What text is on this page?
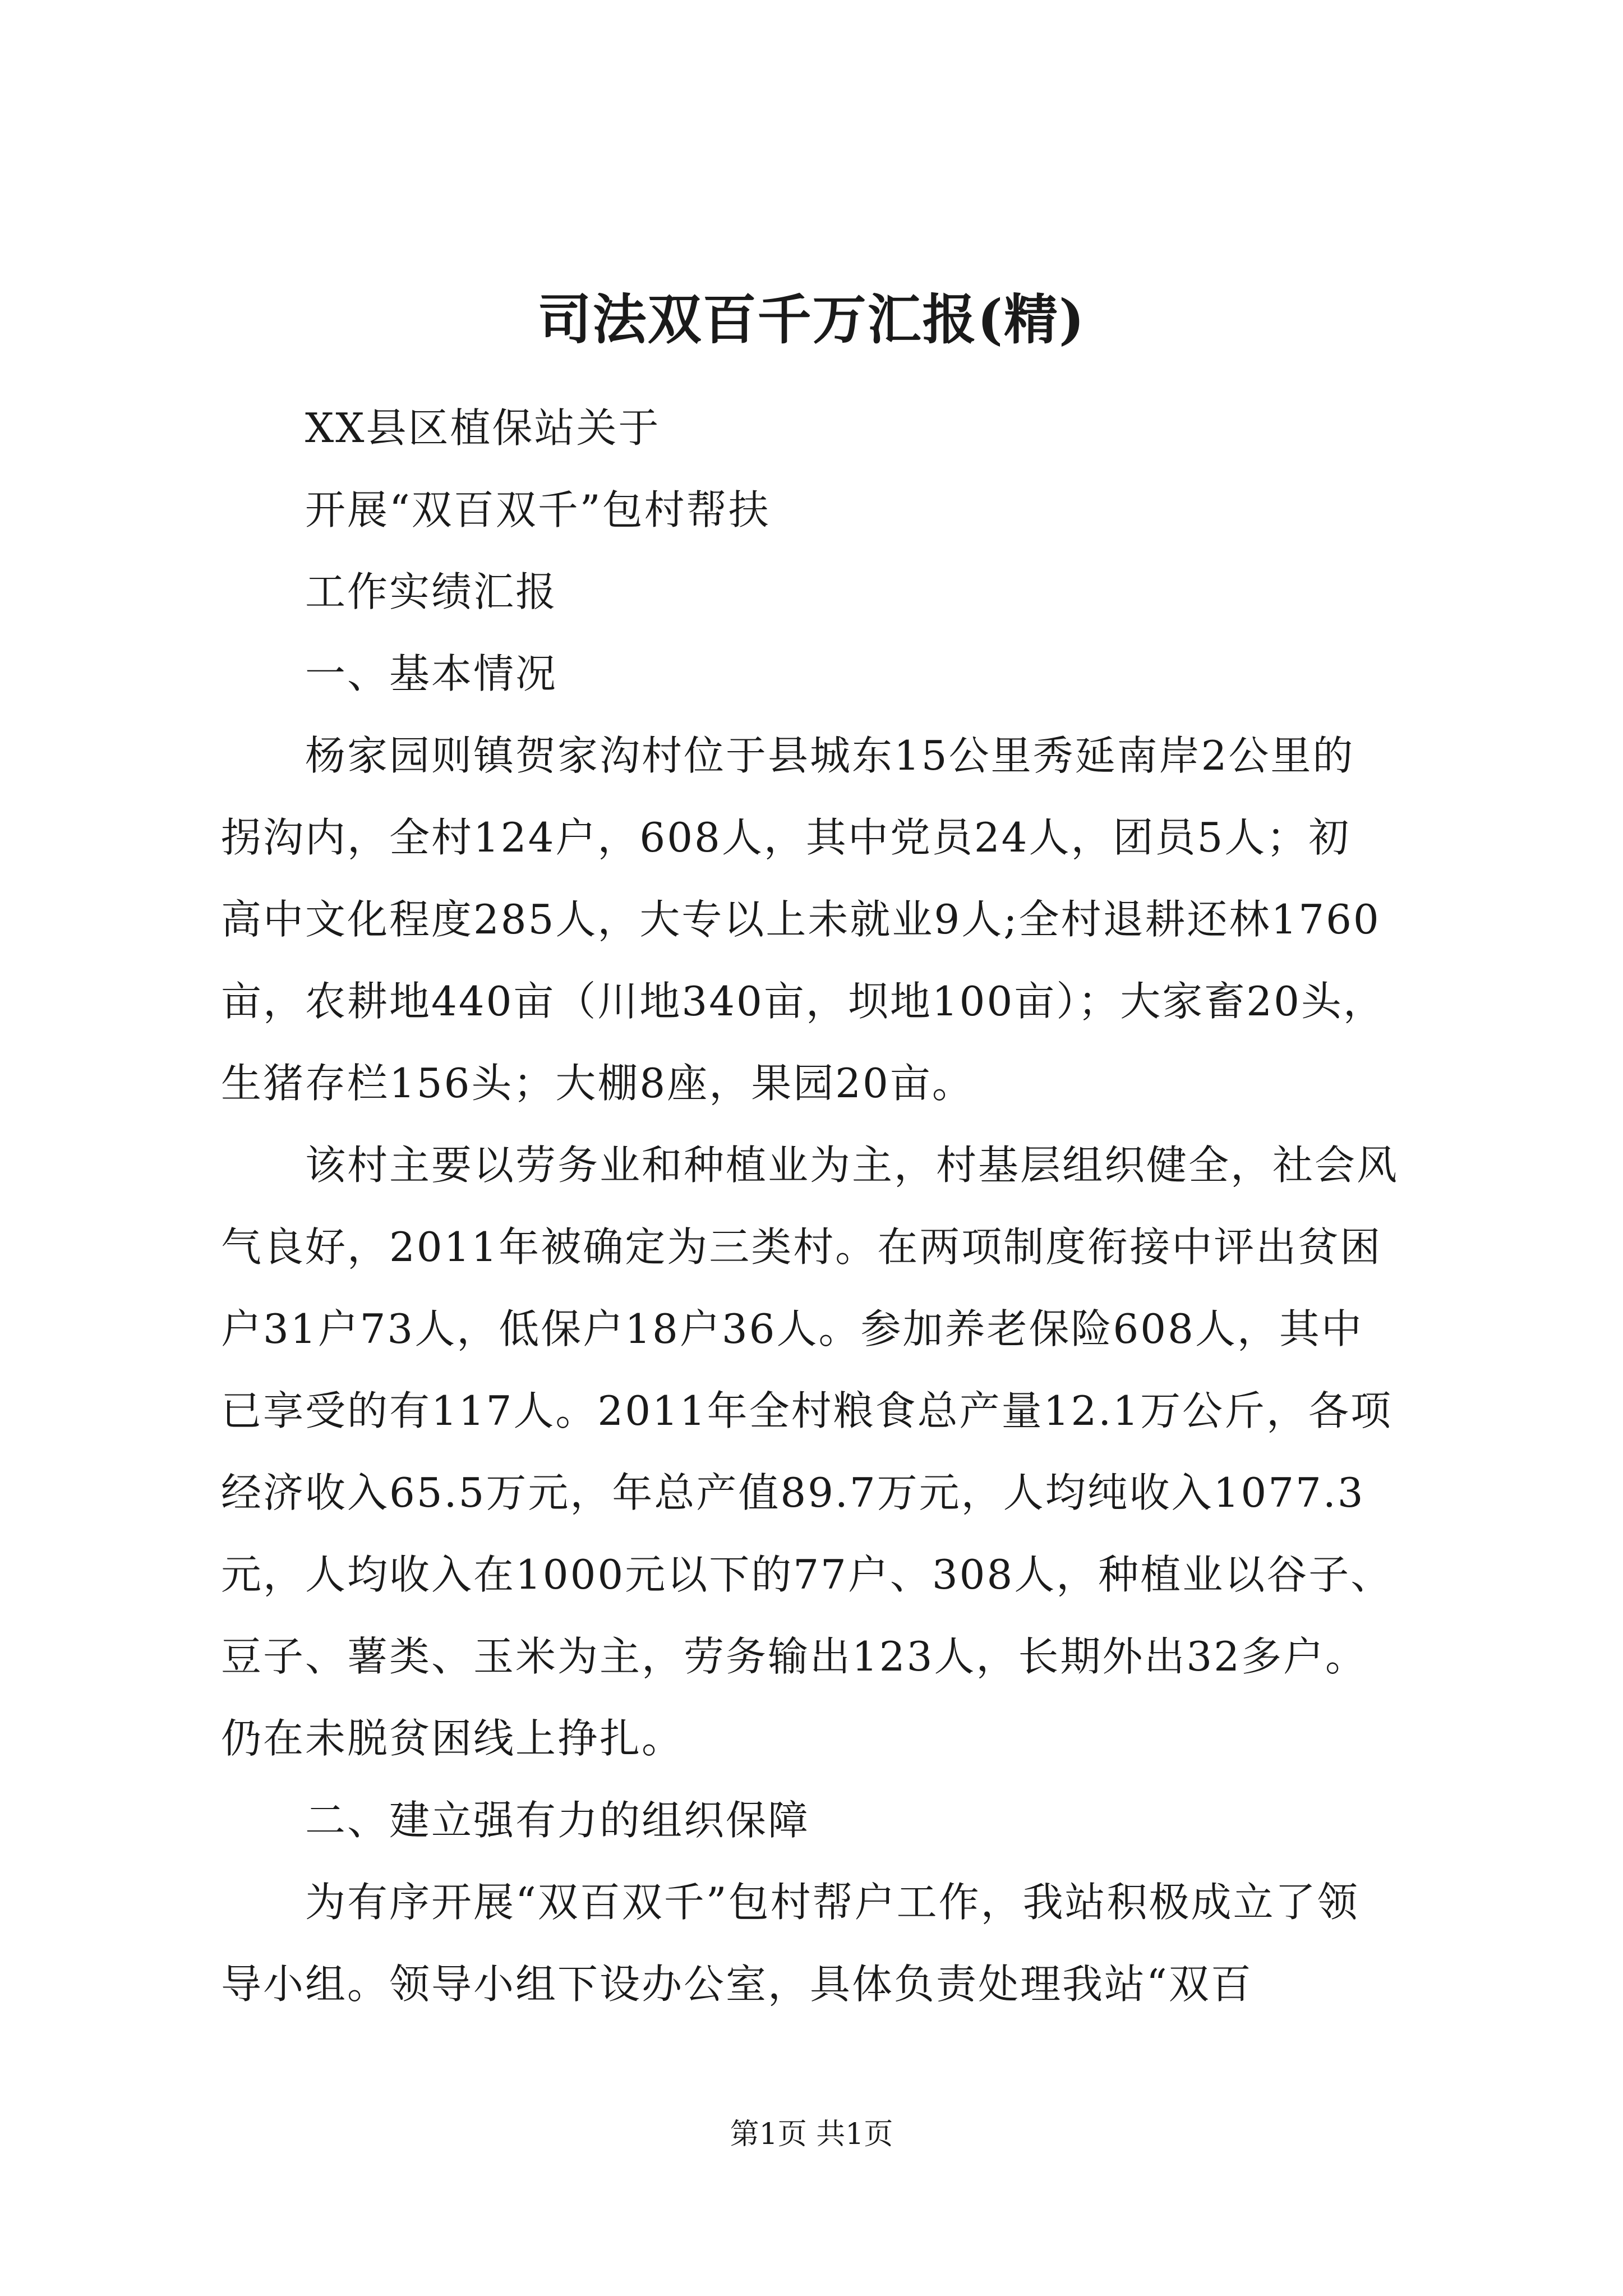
司法双百千万汇报(精)
XX县区植保站关于
开展“双百双千”包村帮扶
工作实绩汇报
一、基本情况
杨家园则镇贺家沟村位于县城东15公里秀延南岸2公里的
拐沟内，全村124户，608人，其中党员24人，团员5人；初
高中文化程度285人，大专以上未就业9人;全村退耕还林1760
亩，农耕地440亩（川地340亩，坝地100亩）；大家畜20头，
生猪存栏156头；大棚8座，果园20亩。
该村主要以劳务业和种植业为主，村基层组织健全，社会风
气良好，2011年被确定为三类村。在两项制度衔接中评出贫困
户31户73人，低保户18户36人。参加养老保险608人，其中
已享受的有117人。2011年全村粮食总产量12.1万公斤，各项
经济收入65.5万元，年总产值89.7万元，人均纯收入1077.3
元，人均收入在1000元以下的77户、308人，种植业以谷子、
豆子、薯类、玉米为主，劳务输出123人，长期外出32多户。
仍在未脱贫困线上挣扎。
二、建立强有力的组织保障
为有序开展“双百双千”包村帮户工作，我站积极成立了领
导小组。领导小组下设办公室，具体负责处理我站“双百
第1页 共1页
